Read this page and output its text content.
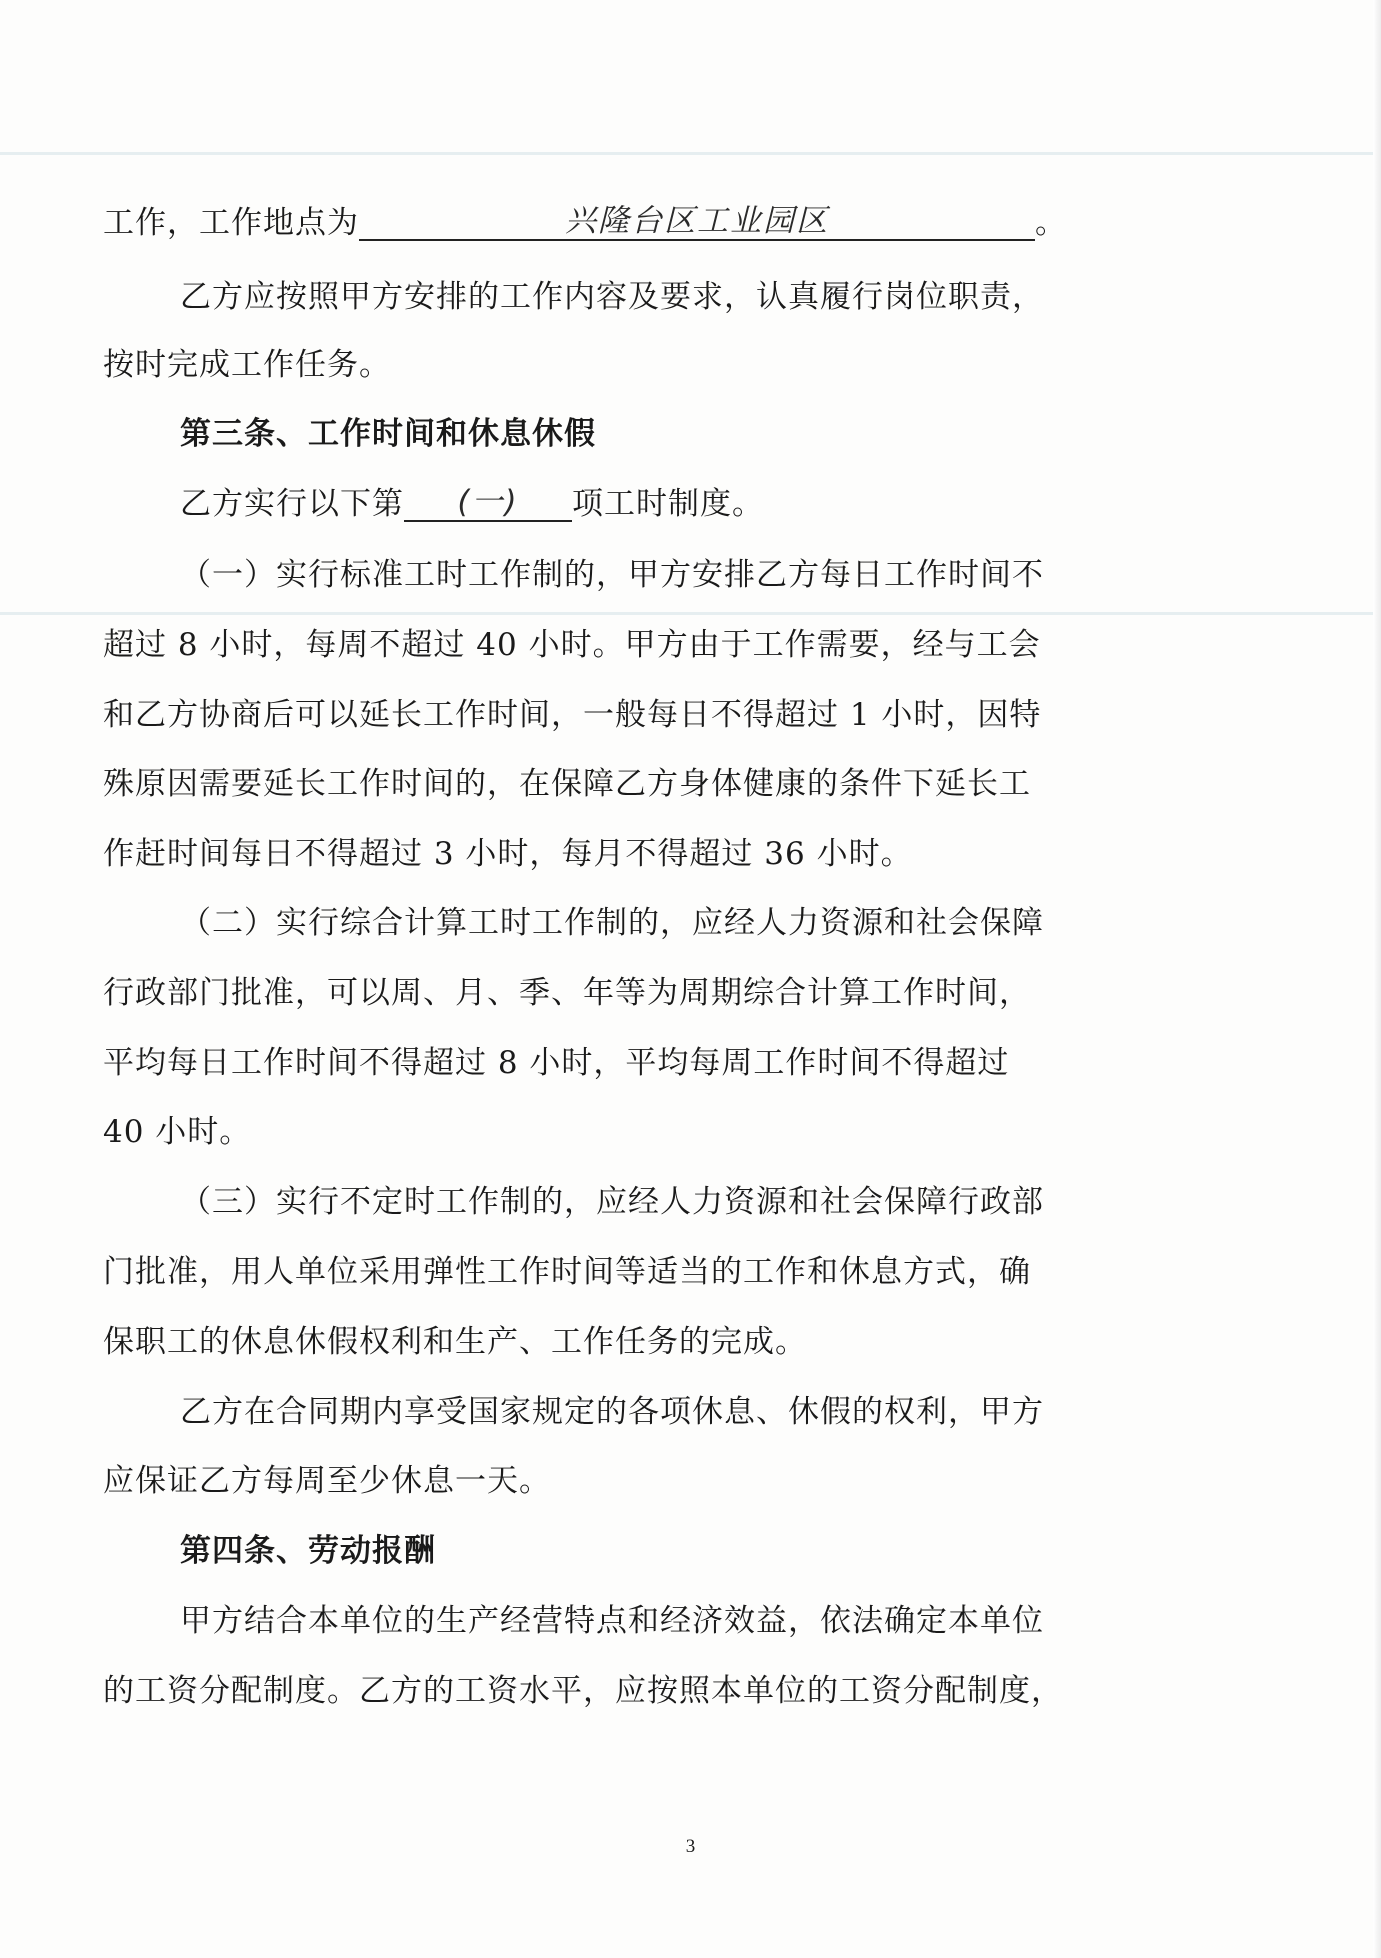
工作，工作地点为	兴隆台区工业园区	。
乙方应按照甲方安排的工作内容及要求，认真履行岗位职责，
按时完成工作任务。
第三条、工作时间和休息休假
乙方实行以下第 (一) 项工时制度。
（一）实行标准工时工作制的，甲方安排乙方每日工作时间不
超过 8 小时，每周不超过 40 小时。甲方由于工作需要，经与工会
和乙方协商后可以延长工作时间，一般每日不得超过 1 小时，因特
殊原因需要延长工作时间的，在保障乙方身体健康的条件下延长工
作赶时间每日不得超过 3 小时，每月不得超过 36 小时。
（二）实行综合计算工时工作制的，应经人力资源和社会保障
行政部门批准，可以周、月、季、年等为周期综合计算工作时间，
平均每日工作时间不得超过 8 小时，平均每周工作时间不得超过
40 小时。
（三）实行不定时工作制的，应经人力资源和社会保障行政部
门批准，用人单位采用弹性工作时间等适当的工作和休息方式，确
保职工的休息休假权利和生产、工作任务的完成。
乙方在合同期内享受国家规定的各项休息、休假的权利，甲方
应保证乙方每周至少休息一天。
第四条、劳动报酬
甲方结合本单位的生产经营特点和经济效益，依法确定本单位
的工资分配制度。乙方的工资水平，应按照本单位的工资分配制度，
3
